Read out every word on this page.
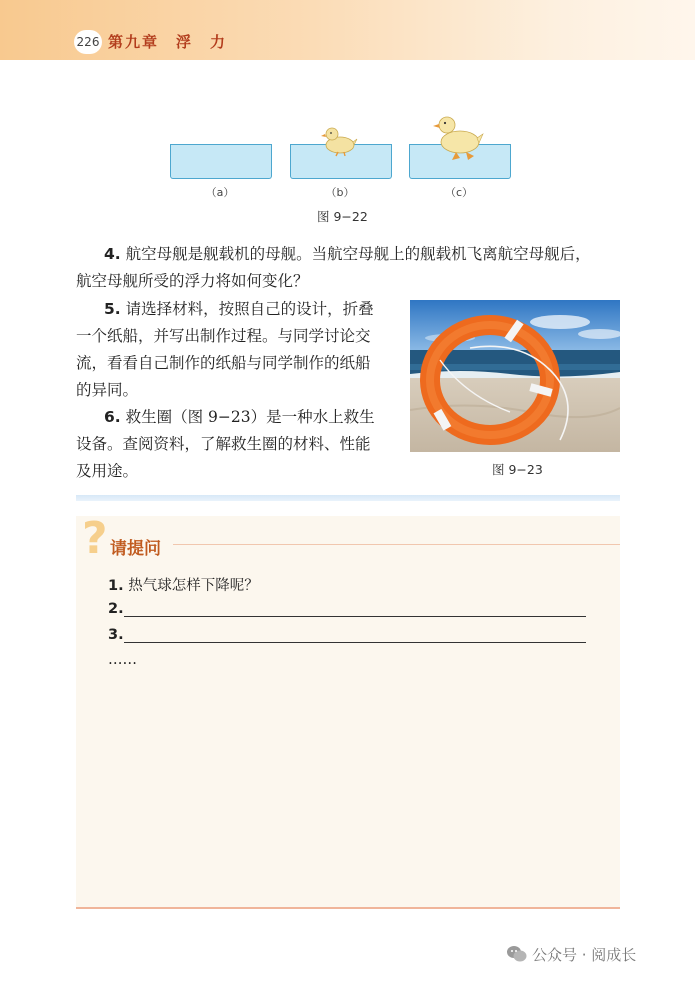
226 第九章　浮　力
（a）	（b）	（c）
图 9−22

4. 航空母舰是舰载机的母舰。当航空母舰上的舰载机飞离航空母舰后，

航空母舰所受的浮力将如何变化？

5. 请选择材料，按照自己的设计，折叠

一个纸船，并写出制作过程。与同学讨论交

流，看看自己制作的纸船与同学制作的纸船

的异同。

6. 救生圈（图 9−23）是一种水上救生

设备。查阅资料，了解救生圈的材料、性能

及用途。	图 9−23
? 请提问
1. 热气球怎样下降呢？
2.
3.
……
公众号 · 阅成长
